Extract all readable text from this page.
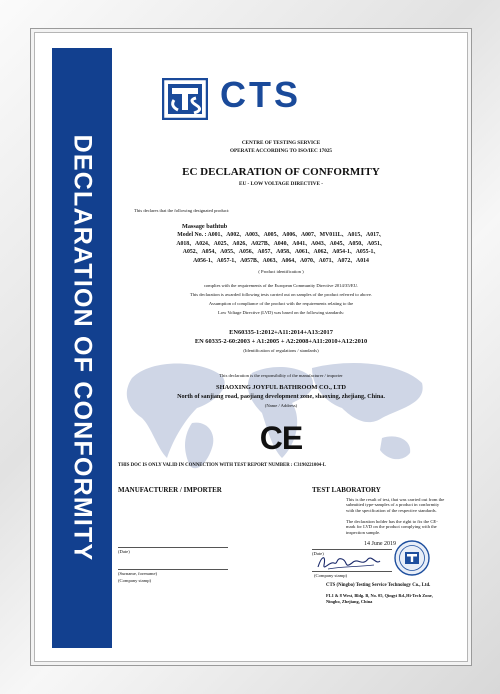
DECLARATION OF CONFORMITY
CTS
CENTRE OF TESTING SERVICE
OPERATE ACCORDING TO ISO/IEC 17025
EC DECLARATION OF CONFORMITY
EU - LOW VOLTAGE DIRECTIVE -
This declares that the following designated product:
Massage bathtub
Model No. : A001、A002、A003、A005、A006、A007、MV011L、A015、A017、
A018、A024、A025、A026、A027B、A040、A041、A043、A045、A050、A051、
A052、A054、A055、A056、A057、A058、A061、A062、A054-1、A055-1、
A056-1、A057-1、A057B、A063、A064、A070、A071、A072、A014
( Product identification )
complies with the requirements of the European Community Directive 2014/35/EU.
This declaration is awarded following tests carried out on samples of the product referred to above.
Assumption of compliance of the product with the requirements relating to the
Low Voltage Directive (LVD) was based on the following standards:
EN60335-1:2012+A11:2014+A13:2017
EN 60335-2-60:2003 + A1:2005 + A2:2008+A11:2010+A12:2010
(Identification of regulations / standards)
This declaration is the responsibility of the manufacturer / importer
SHAOXING JOYFUL BATHROOM CO., LTD
North of sanjiang road, paojiang development zone, shaoxing, zhejiang, China.
(Name / Address)
CE
THIS DOC IS ONLY VALID IN CONNECTION WITH TEST REPORT NUMBER : C3190221004-L
MANUFACTURER / IMPORTER
(Date)
(Surname, forename)
(Company stamp)
TEST LABORATORY
This is the result of test, that was carried out from the submitted type-samples of a product in conformity with the specification of the respective standards.
The declaration holder has the right to fix the CE-mark for LVD on the product complying with the inspection sample.
14 June 2019
(Date)
(Company stamp)
CTS (Ningbo) Testing Service Technology Co., Ltd.
FL1 & 8 West, Bldg. B, No. 05, Qingyi Rd.,Hi-Tech Zone, Ningbo, Zhejiang, China
